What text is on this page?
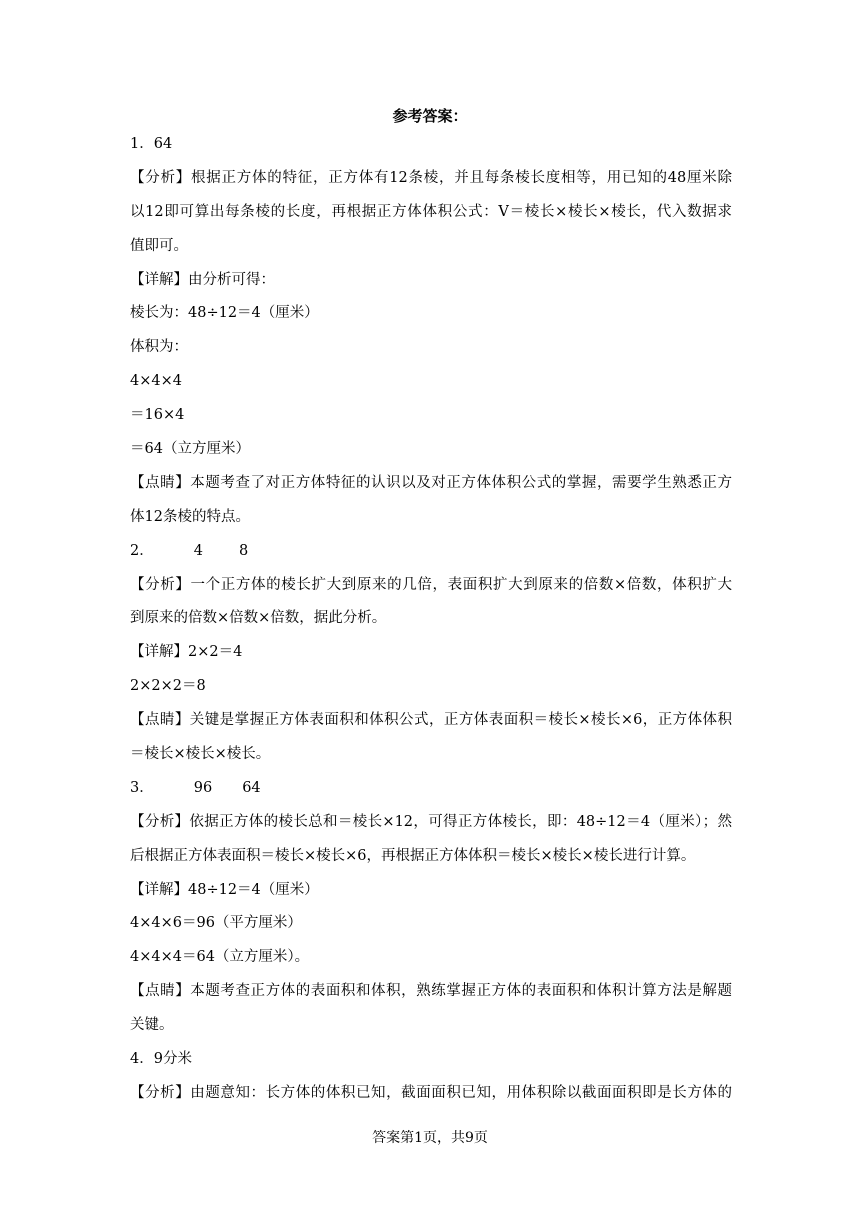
参考答案：
1．64
【分析】根据正方体的特征，正方体有12条棱，并且每条棱长度相等，用已知的48厘米除
以12即可算出每条棱的长度，再根据正方体体积公式：V＝棱长×棱长×棱长，代入数据求
值即可。
【详解】由分析可得：
棱长为：48÷12＝4（厘米）
体积为：
4×4×4
＝16×4
＝64（立方厘米）
【点睛】本题考查了对正方体特征的认识以及对正方体体积公式的掌握，需要学生熟悉正方
体12条棱的特点。
2．	4 8
【分析】一个正方体的棱长扩大到原来的几倍，表面积扩大到原来的倍数×倍数，体积扩大
到原来的倍数×倍数×倍数，据此分析。
【详解】2×2＝4
2×2×2＝8
【点睛】关键是掌握正方体表面积和体积公式，正方体表面积＝棱长×棱长×6，正方体体积
＝棱长×棱长×棱长。
3．	96 64
【分析】依据正方体的棱长总和＝棱长×12，可得正方体棱长，即：48÷12＝4（厘米）；然
后根据正方体表面积＝棱长×棱长×6，再根据正方体体积＝棱长×棱长×棱长进行计算。
【详解】48÷12＝4（厘米）
4×4×6＝96（平方厘米）
4×4×4＝64（立方厘米）。
【点睛】本题考查正方体的表面积和体积，熟练掌握正方体的表面积和体积计算方法是解题
关键。
4．9分米
【分析】由题意知：长方体的体积已知，截面面积已知，用体积除以截面面积即是长方体的
答案第1页，共9页
